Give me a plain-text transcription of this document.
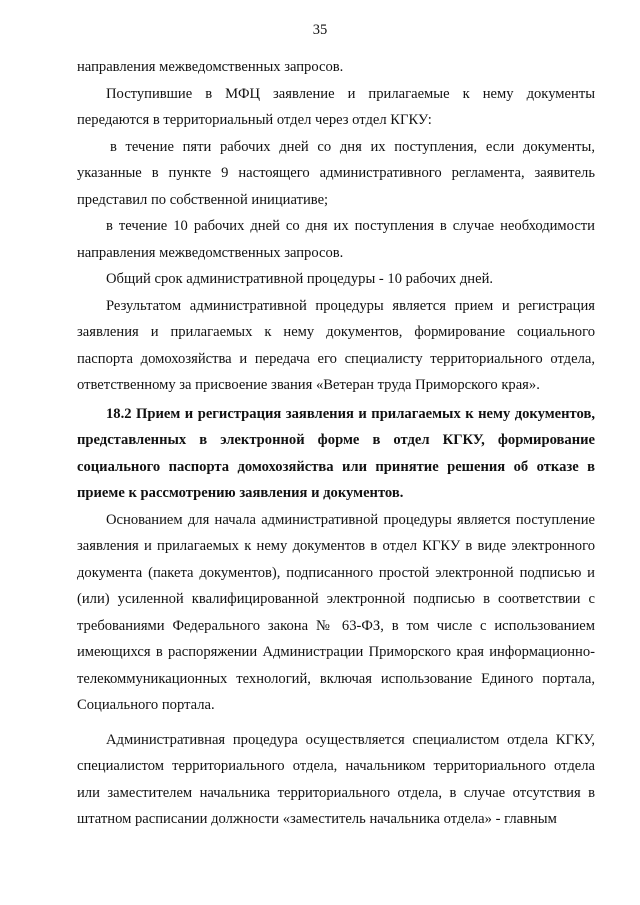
35

направления межведомственных запросов.

Поступившие в МФЦ заявление и прилагаемые к нему документы передаются в территориальный отдел через отдел КГКУ:

в течение пяти рабочих дней со дня их поступления, если документы, указанные в пункте 9 настоящего административного регламента, заявитель представил по собственной инициативе;

в течение 10 рабочих дней со дня их поступления в случае необходимости направления межведомственных запросов.

Общий срок административной процедуры - 10 рабочих дней.

Результатом административной процедуры является прием и регистрация заявления и прилагаемых к нему документов, формирование социального паспорта домохозяйства и передача его специалисту территориального отдела, ответственному за присвоение звания «Ветеран труда Приморского края».

18.2 Прием и регистрация заявления и прилагаемых к нему документов, представленных в электронной форме в отдел КГКУ, формирование социального паспорта домохозяйства или принятие решения об отказе в приеме к рассмотрению заявления и документов.

Основанием для начала административной процедуры является поступление заявления и прилагаемых к нему документов в отдел КГКУ в виде электронного документа (пакета документов), подписанного простой электронной подписью и (или) усиленной квалифицированной электронной подписью в соответствии с требованиями Федерального закона № 63-ФЗ, в том числе с использованием имеющихся в распоряжении Администрации Приморского края информационно-телекоммуникационных технологий, включая использование Единого портала, Социального портала.

Административная процедура осуществляется специалистом отдела КГКУ, специалистом территориального отдела, начальником территориального отдела или заместителем начальника территориального отдела, в случае отсутствия в штатном расписании должности «заместитель начальника отдела» - главным
